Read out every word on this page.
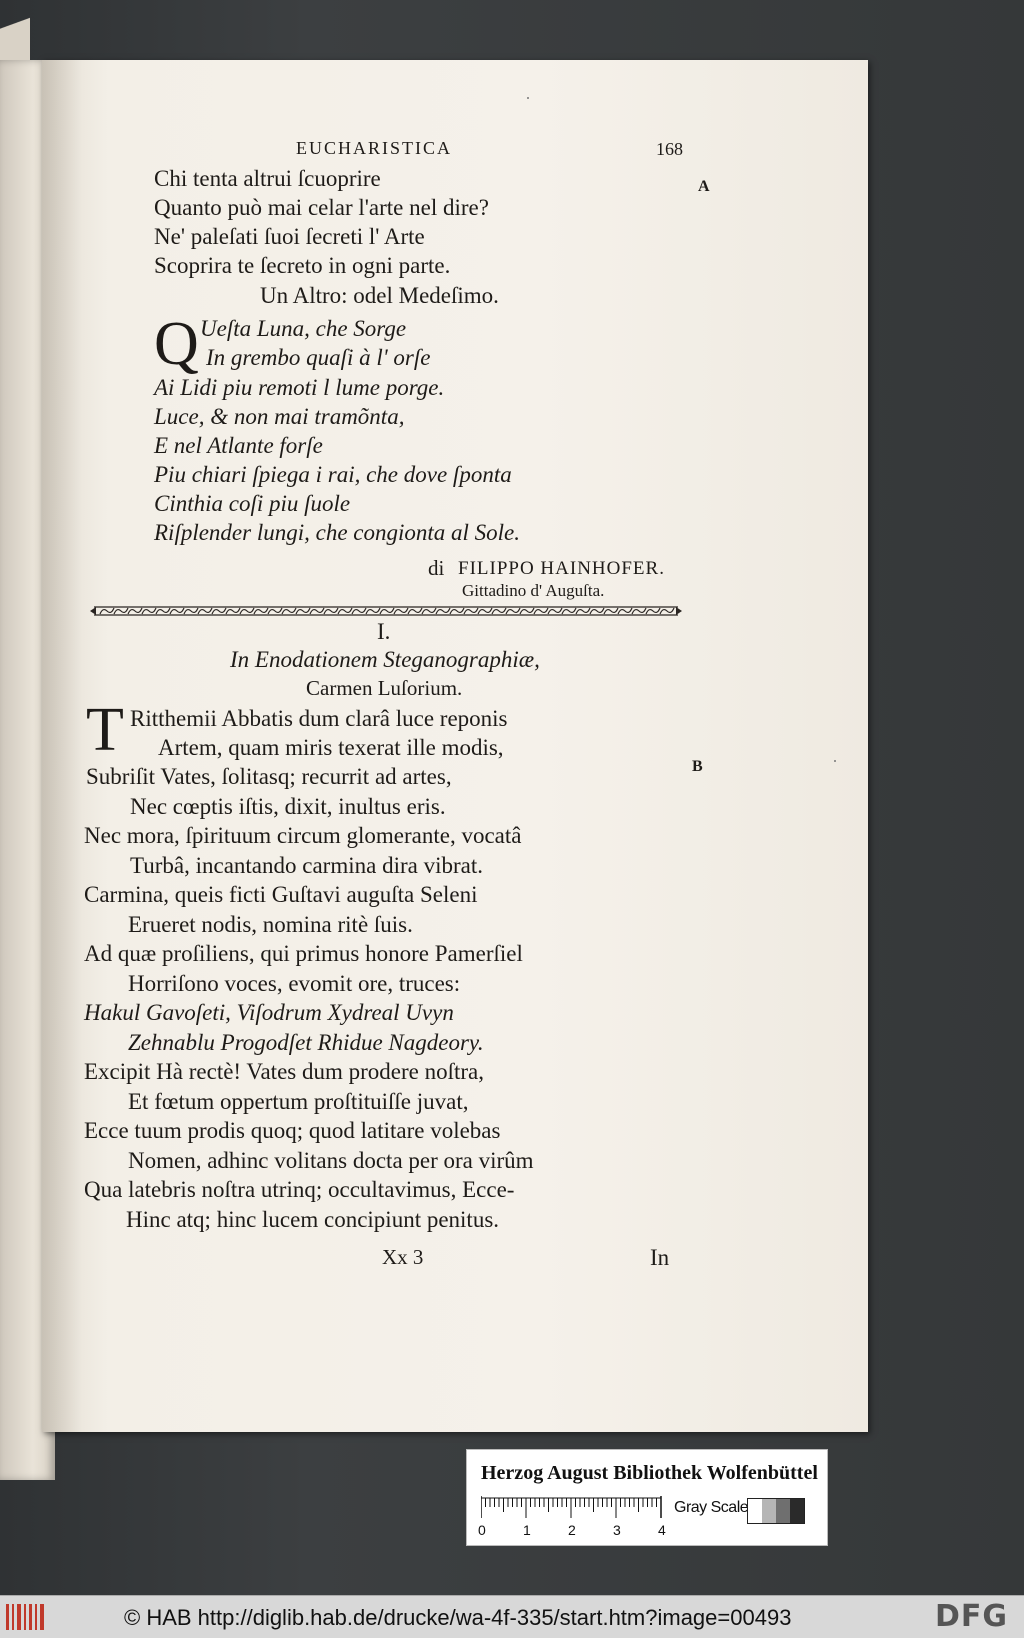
EUCHARISTICA	168
A
B
Chi tenta altrui ſcuoprire
Quanto può mai celar l'arte nel dire?
Ne' paleſati ſuoi ſecreti l' Arte
Scoprira te ſecreto in ogni parte.
Un Altro: odel Medeſimo.
Q Ueſta Luna, che Sorge
In grembo quaſi à l' orſe
Ai Lidi piu remoti l lume porge.
Luce, & non mai tramõnta,
E nel Atlante forſe
Piu chiari ſpiega i rai, che dove ſponta
Cinthia coſi piu ſuole
Riſplender lungi, che congionta al Sole.
di FILIPPO HAINHOFER.
Gittadino d' Auguſta.
I.
In Enodationem Steganographiæ,
Carmen Luſorium.
T Ritthemii Abbatis dum clarâ luce reponis
Artem, quam miris texerat ille modis,
Subriſit Vates, ſolitasq; recurrit ad artes,
Nec cœptis iſtis, dixit, inultus eris.
Nec mora, ſpirituum circum glomerante, vocatâ
Turbâ, incantando carmina dira vibrat.
Carmina, queis ficti Guſtavi auguſta Seleni
Erueret nodis, nomina ritè ſuis.
Ad quæ proſiliens, qui primus honore Pamerſiel
Horriſono voces, evomit ore, truces:
Hakul Gavoſeti, Viſodrum Xydreal Uvyn
Zehnablu Progodſet Rhidue Nagdeory.
Excipit Hà rectè! Vates dum prodere noſtra,
Et fœtum oppertum proſtituiſſe juvat,
Ecce tuum prodis quoq; quod latitare volebas
Nomen, adhinc volitans docta per ora virûm
Qua latebris noſtra utrinq; occultavimus, Ecce-
Hinc atq; hinc lucem concipiunt penitus.
Xx 3	In
Herzog August Bibliothek Wolfenbüttel
Gray Scale
0	1	2	3	4
© HAB http://diglib.hab.de/drucke/wa-4f-335/start.htm?image=00493	DFG
